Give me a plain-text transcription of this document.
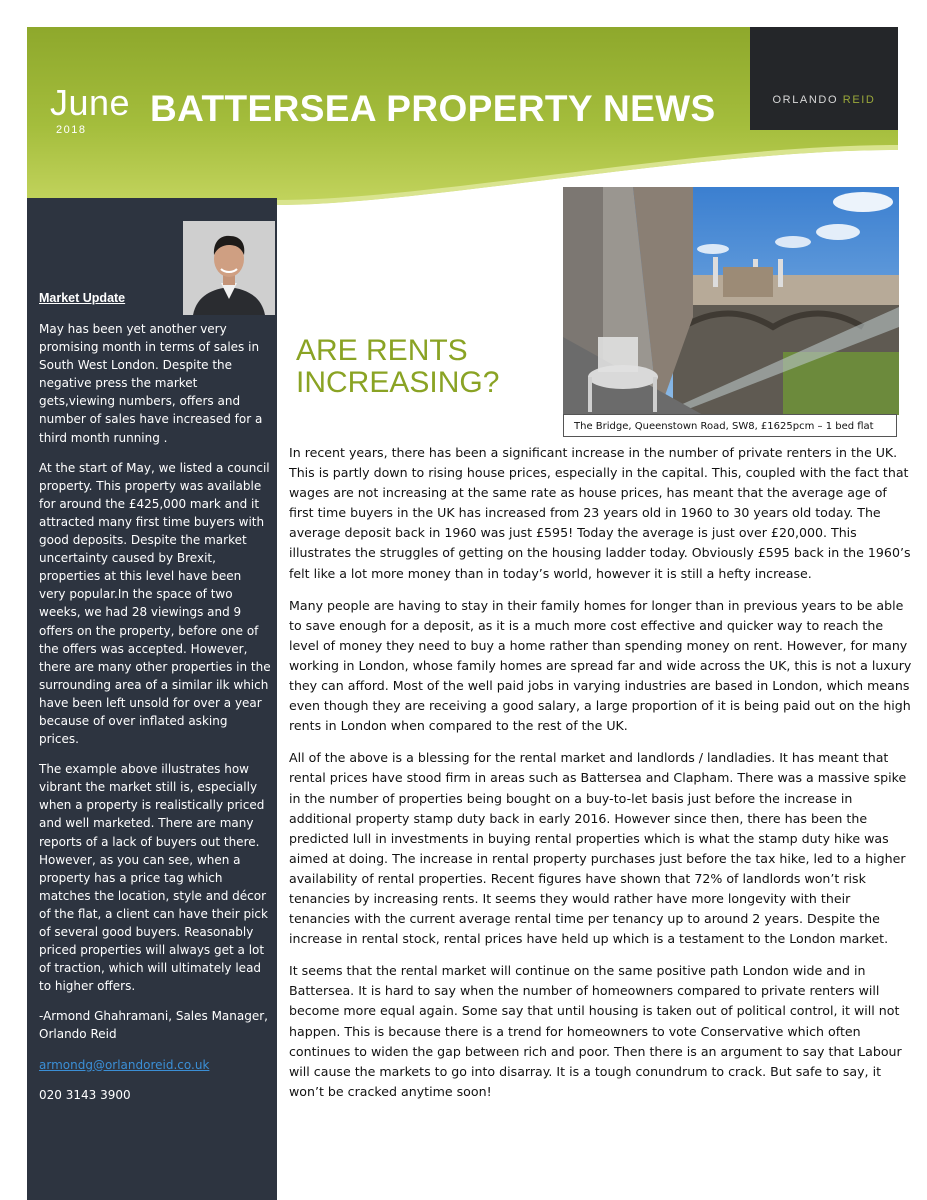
June
2018
BATTERSEA PROPERTY NEWS	ORLANDO REID
Market Update

May has been yet another very promising month in terms of sales in South West London. Despite the negative press the market gets,viewing numbers, offers and number of sales have increased for a third month running .

At the start of May, we listed a council property. This property was available for around the £425,000 mark and it attracted many first time buyers with good deposits. Despite the market uncertainty caused by Brexit, properties at this level have been very popular.In the space of two weeks, we had 28 viewings and 9 offers on the property, before one of the offers was accepted. However, there are many other properties in the surrounding area of a similar ilk which have been left unsold for over a year because of over inflated asking prices.

The example above illustrates how vibrant the market still is, especially when a property is realistically priced and well marketed. There are many reports of a lack of buyers out there. However, as you can see, when a property has a price tag which matches the location, style and décor of the flat, a client can have their pick of several good buyers. Reasonably priced properties will always get a lot of traction, which will ultimately lead to higher offers.

-Armond Ghahramani, Sales Manager, Orlando Reid

armondg@orlandoreid.co.uk

020 3143 3900

The Bridge, Queenstown Road, SW8, £1625pcm – 1 bed flat
ARE RENTS
INCREASING?

In recent years, there has been a significant increase in the number of private renters in the UK. This is partly down to rising house prices, especially in the capital. This, coupled with the fact that wages are not increasing at the same rate as house prices, has meant that the average age of first time buyers in the UK has increased from 23 years old in 1960 to 30 years old today. The average deposit back in 1960 was just £595! Today the average is just over £20,000. This illustrates the struggles of getting on the housing ladder today. Obviously £595 back in the 1960’s felt like a lot more money than in today’s world, however it is still a hefty increase.

Many people are having to stay in their family homes for longer than in previous years to be able to save enough for a deposit, as it is a much more cost effective and quicker way to reach the level of money they need to buy a home rather than spending money on rent. However, for many working in London, whose family homes are spread far and wide across the UK, this is not a luxury they can afford. Most of the well paid jobs in varying industries are based in London, which means even though they are receiving a good salary, a large proportion of it is being paid out on the high rents in London when compared to the rest of the UK.

All of the above is a blessing for the rental market and landlords / landladies. It has meant that rental prices have stood firm in areas such as Battersea and Clapham. There was a massive spike in the number of properties being bought on a buy-to-let basis just before the increase in additional property stamp duty back in early 2016. However since then, there has been the predicted lull in investments in buying rental properties which is what the stamp duty hike was aimed at doing. The increase in rental property purchases just before the tax hike, led to a higher availability of rental properties. Recent figures have shown that 72% of landlords won’t risk tenancies by increasing rents. It seems they would rather have more longevity with their tenancies with the current average rental time per tenancy up to around 2 years. Despite the increase in rental stock, rental prices have held up which is a testament to the London market.

It seems that the rental market will continue on the same positive path London wide and in Battersea. It is hard to say when the number of homeowners compared to private renters will become more equal again. Some say that until housing is taken out of political control, it will not happen. This is because there is a trend for homeowners to vote Conservative which often continues to widen the gap between rich and poor. Then there is an argument to say that Labour will cause the markets to go into disarray. It is a tough conundrum to crack. But safe to say, it won’t be cracked anytime soon!
